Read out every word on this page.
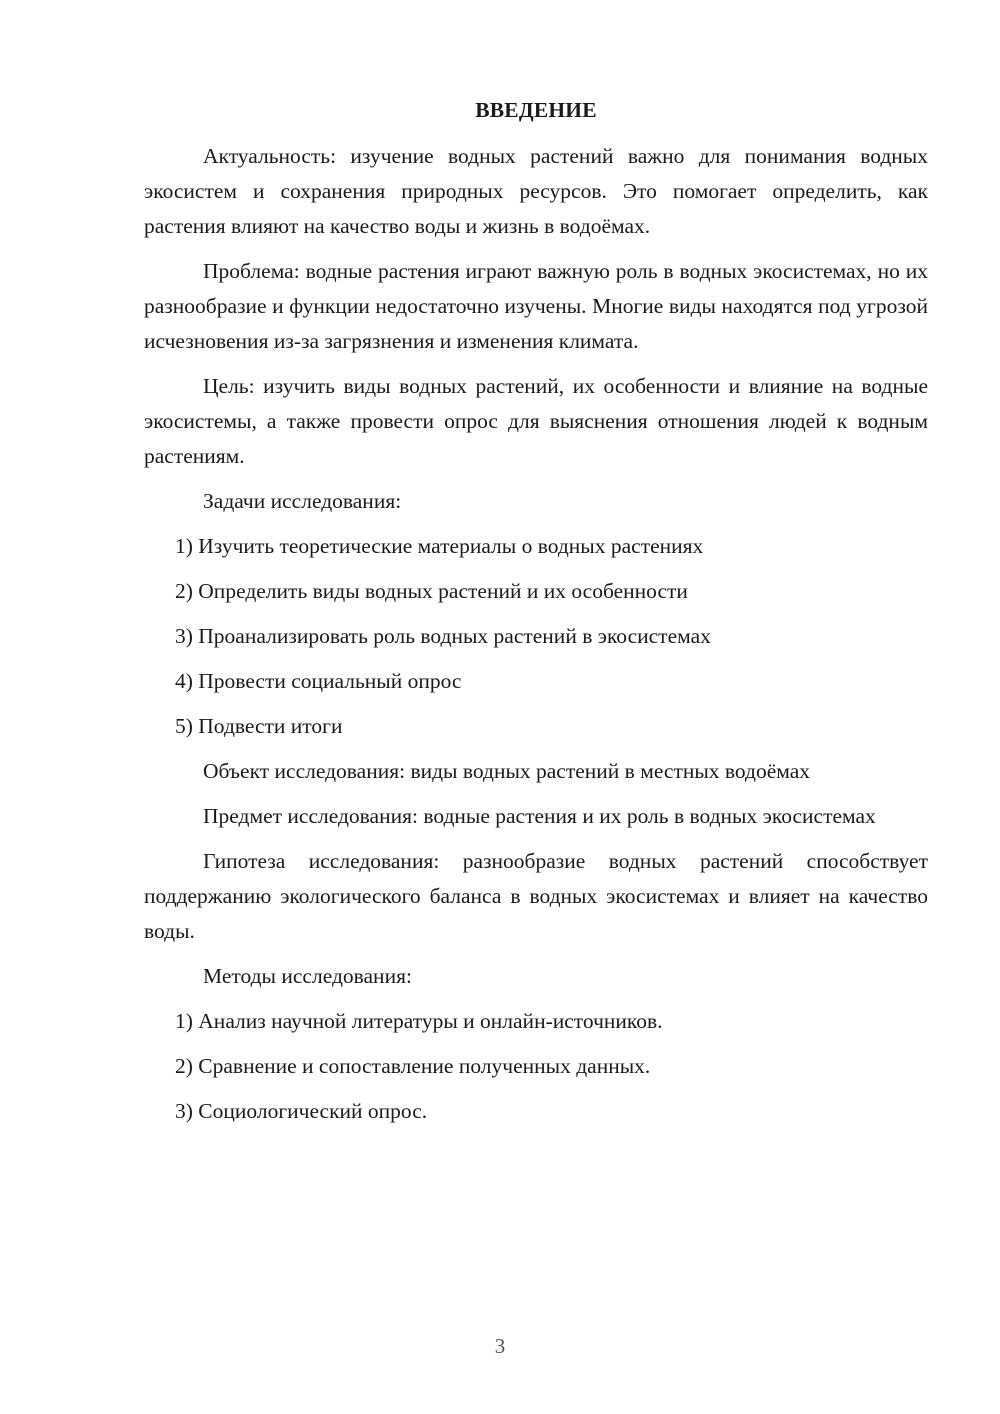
ВВЕДЕНИЕ

Актуальность: изучение водных растений важно для понимания водных экосистем и сохранения природных ресурсов. Это помогает определить, как растения влияют на качество воды и жизнь в водоёмах.

Проблема: водные растения играют важную роль в водных экосистемах, но их разнообразие и функции недостаточно изучены. Многие виды находятся под угрозой исчезновения из-за загрязнения и изменения климата.

Цель: изучить виды водных растений, их особенности и влияние на водные экосистемы, а также провести опрос для выяснения отношения людей к водным растениям.

Задачи исследования:

1) Изучить теоретические материалы о водных растениях

2) Определить виды водных растений и их особенности

3) Проанализировать роль водных растений в экосистемах

4) Провести социальный опрос

5) Подвести итоги

Объект исследования: виды водных растений в местных водоёмах

Предмет исследования: водные растения и их роль в водных экосистемах

Гипотеза исследования: разнообразие водных растений способствует поддержанию экологического баланса в водных экосистемах и влияет на качество воды.

Методы исследования:

1) Анализ научной литературы и онлайн-источников.

2) Сравнение и сопоставление полученных данных.

3) Социологический опрос.

3
